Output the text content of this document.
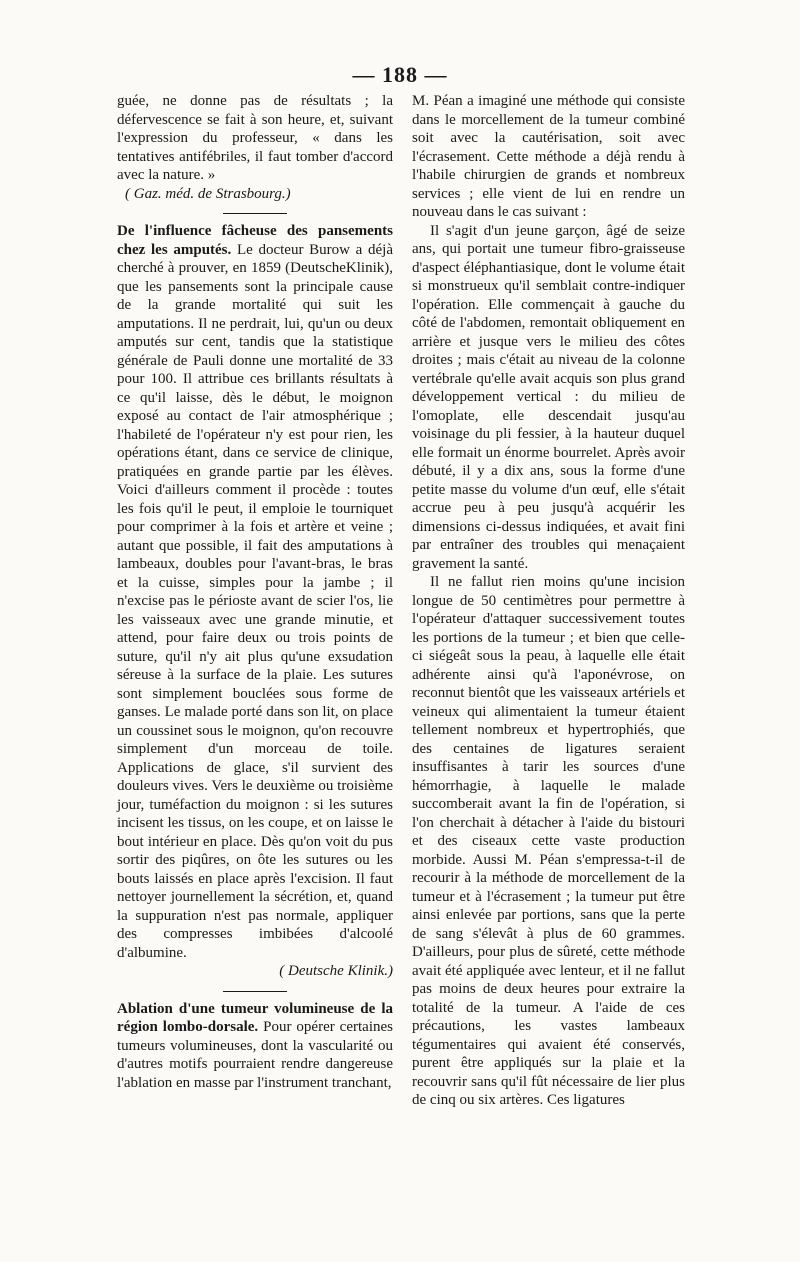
— 188 —

guée, ne donne pas de résultats ; la défervescence se fait à son heure, et, suivant l'expression du professeur, « dans les tentatives antifébriles, il faut tomber d'accord avec la nature. »

( Gaz. méd. de Strasbourg.)

De l'influence fâcheuse des pansements chez les amputés. Le docteur Burow a déjà cherché à prouver, en 1859 (DeutscheKlinik), que les pansements sont la principale cause de la grande mortalité qui suit les amputations. Il ne perdrait, lui, qu'un ou deux amputés sur cent, tandis que la statistique générale de Pauli donne une mortalité de 33 pour 100. Il attribue ces brillants résultats à ce qu'il laisse, dès le début, le moignon exposé au contact de l'air atmosphérique ; l'habileté de l'opérateur n'y est pour rien, les opérations étant, dans ce service de clinique, pratiquées en grande partie par les élèves. Voici d'ailleurs comment il procède : toutes les fois qu'il le peut, il emploie le tourniquet pour comprimer à la fois et artère et veine ; autant que possible, il fait des amputations à lambeaux, doubles pour l'avant-bras, le bras et la cuisse, simples pour la jambe ; il n'excise pas le périoste avant de scier l'os, lie les vaisseaux avec une grande minutie, et attend, pour faire deux ou trois points de suture, qu'il n'y ait plus qu'une exsudation séreuse à la surface de la plaie. Les sutures sont simplement bouclées sous forme de ganses. Le malade porté dans son lit, on place un coussinet sous le moignon, qu'on recouvre simplement d'un morceau de toile. Applications de glace, s'il survient des douleurs vives. Vers le deuxième ou troisième jour, tuméfaction du moignon : si les sutures incisent les tissus, on les coupe, et on laisse le bout intérieur en place. Dès qu'on voit du pus sortir des piqûres, on ôte les sutures ou les bouts laissés en place après l'excision. Il faut nettoyer journellement la sécrétion, et, quand la suppuration n'est pas normale, appliquer des compresses imbibées d'alcoolé d'albumine.

( Deutsche Klinik.)

Ablation d'une tumeur volumineuse de la région lombo-dorsale. Pour opérer certaines tumeurs volumineuses, dont la vascularité ou d'autres motifs pourraient rendre dangereuse l'ablation en masse par l'instrument tranchant,

M. Péan a imaginé une méthode qui consiste dans le morcellement de la tumeur combiné soit avec la cautérisation, soit avec l'écrasement. Cette méthode a déjà rendu à l'habile chirurgien de grands et nombreux services ; elle vient de lui en rendre un nouveau dans le cas suivant :

Il s'agit d'un jeune garçon, âgé de seize ans, qui portait une tumeur fibro-graisseuse d'aspect éléphantiasique, dont le volume était si monstrueux qu'il semblait contre-indiquer l'opération. Elle commençait à gauche du côté de l'abdomen, remontait obliquement en arrière et jusque vers le milieu des côtes droites ; mais c'était au niveau de la colonne vertébrale qu'elle avait acquis son plus grand développement vertical : du milieu de l'omoplate, elle descendait jusqu'au voisinage du pli fessier, à la hauteur duquel elle formait un énorme bourrelet. Après avoir débuté, il y a dix ans, sous la forme d'une petite masse du volume d'un œuf, elle s'était accrue peu à peu jusqu'à acquérir les dimensions ci-dessus indiquées, et avait fini par entraîner des troubles qui menaçaient gravement la santé.

Il ne fallut rien moins qu'une incision longue de 50 centimètres pour permettre à l'opérateur d'attaquer successivement toutes les portions de la tumeur ; et bien que celle-ci siégeât sous la peau, à laquelle elle était adhérente ainsi qu'à l'aponévrose, on reconnut bientôt que les vaisseaux artériels et veineux qui alimentaient la tumeur étaient tellement nombreux et hypertrophiés, que des centaines de ligatures seraient insuffisantes à tarir les sources d'une hémorrhagie, à laquelle le malade succomberait avant la fin de l'opération, si l'on cherchait à détacher à l'aide du bistouri et des ciseaux cette vaste production morbide. Aussi M. Péan s'empressa-t-il de recourir à la méthode de morcellement de la tumeur et à l'écrasement ; la tumeur put être ainsi enlevée par portions, sans que la perte de sang s'élevât à plus de 60 grammes. D'ailleurs, pour plus de sûreté, cette méthode avait été appliquée avec lenteur, et il ne fallut pas moins de deux heures pour extraire la totalité de la tumeur. A l'aide de ces précautions, les vastes lambeaux tégumentaires qui avaient été conservés, purent être appliqués sur la plaie et la recouvrir sans qu'il fût nécessaire de lier plus de cinq ou six artères. Ces ligatures
